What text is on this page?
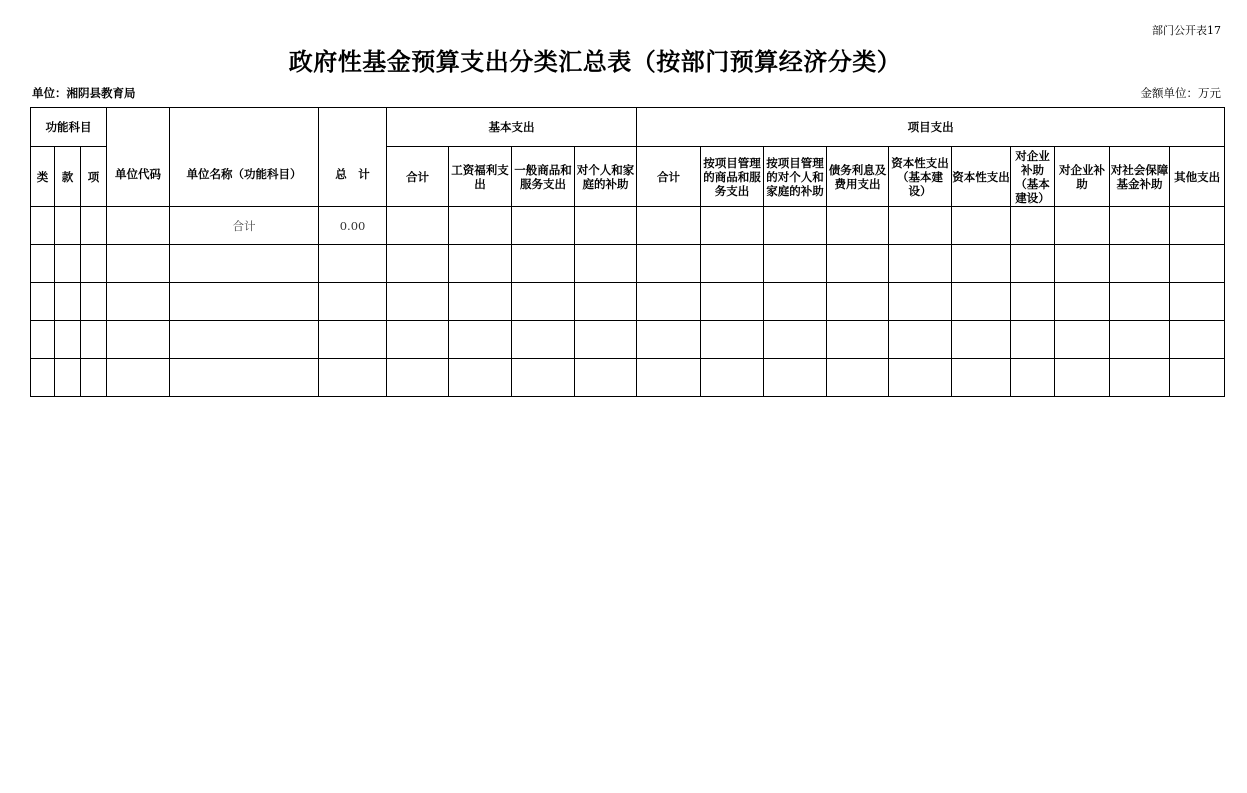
部门公开表17
政府性基金预算支出分类汇总表（按部门预算经济分类）
单位：湘阴县教育局	金额单位：万元
功能科目			单位代码	单位名称（功能科目）	总　计	基本支出				项目支出									
类	款	项				合计	工资福利支出	一般商品和服务支出	对个人和家庭的补助	合计	按项目管理的商品和服务支出	按项目管理的对个人和家庭的补助	债务利息及费用支出	资本性支出（基本建设）	资本性支出	对企业补助（基本建设）	对企业补助	对社会保障基金补助	其他支出
				合计	0.00														
